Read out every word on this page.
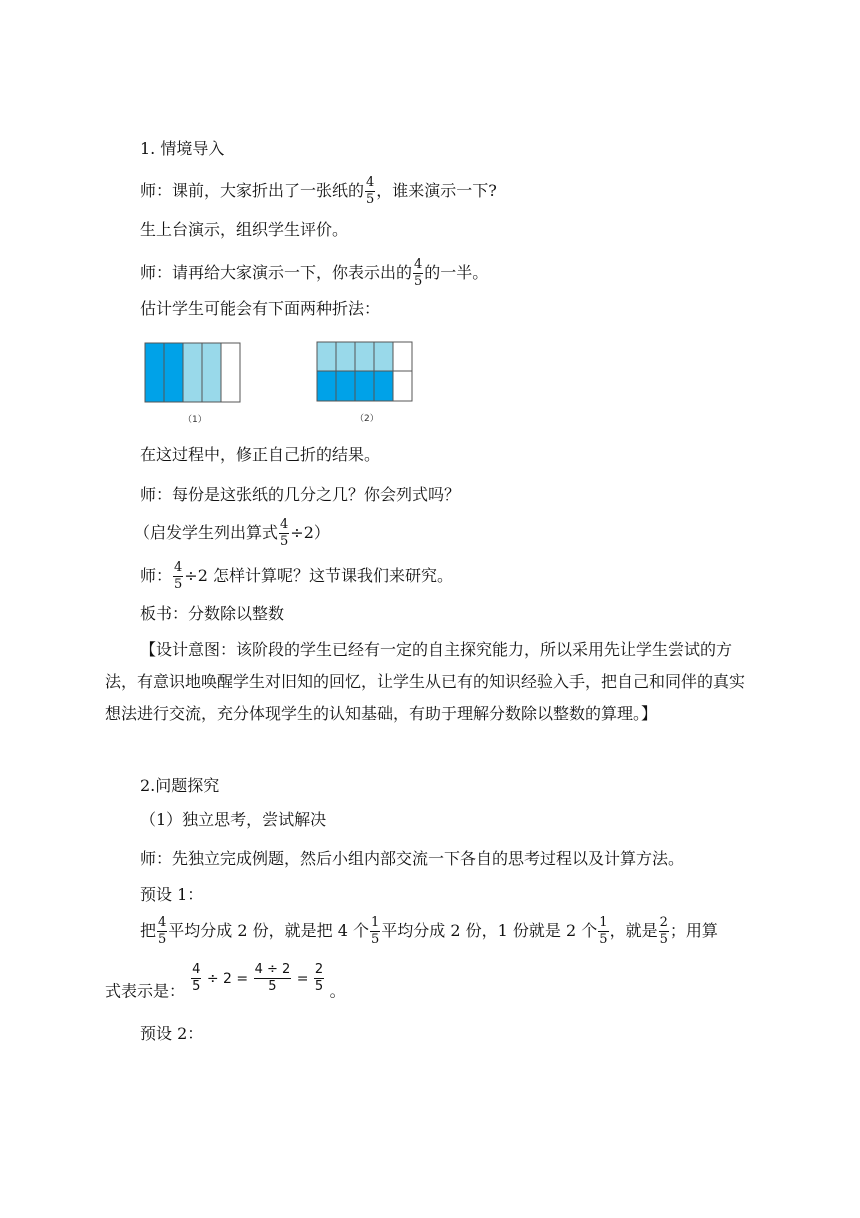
1. 情境导入
师：课前，大家折出了一张纸的 $\frac{4}{5}$ ，谁来演示一下?
生上台演示，组织学生评价。
师：请再给大家演示一下，你表示出的 $\frac{4}{5}$ 的一半。
估计学生可能会有下面两种折法：
（1）	（2）
在这过程中，修正自己折的结果。
师：每份是这张纸的几分之几？你会列式吗？
（启发学生列出算式 $\frac{4}{5} \div 2$）
师： $\frac{4}{5} \div 2$ 怎样计算呢？这节课我们来研究。
板书：分数除以整数
【设计意图：该阶段的学生已经有一定的自主探究能力，所以采用先让学生尝试的方法，有意识地唤醒学生对旧知的回忆，让学生从已有的知识经验入手，把自己和同伴的真实想法进行交流，充分体现学生的认知基础，有助于理解分数除以整数的算理。】
2.问题探究
（1）独立思考，尝试解决
师：先独立完成例题，然后小组内部交流一下各自的思考过程以及计算方法。
预设 1：
把 $\frac{4}{5}$ 平均分成 2 份，就是把 4 个 $\frac{1}{5}$ 平均分成 2 份，1 份就是 2 个 $\frac{1}{5}$ ，就是 $\frac{2}{5}$ ；用算
式表示是： $\frac{4}{5} \div 2 = \frac{4 \div 2}{5} = \frac{2}{5}$ 。
预设 2：
